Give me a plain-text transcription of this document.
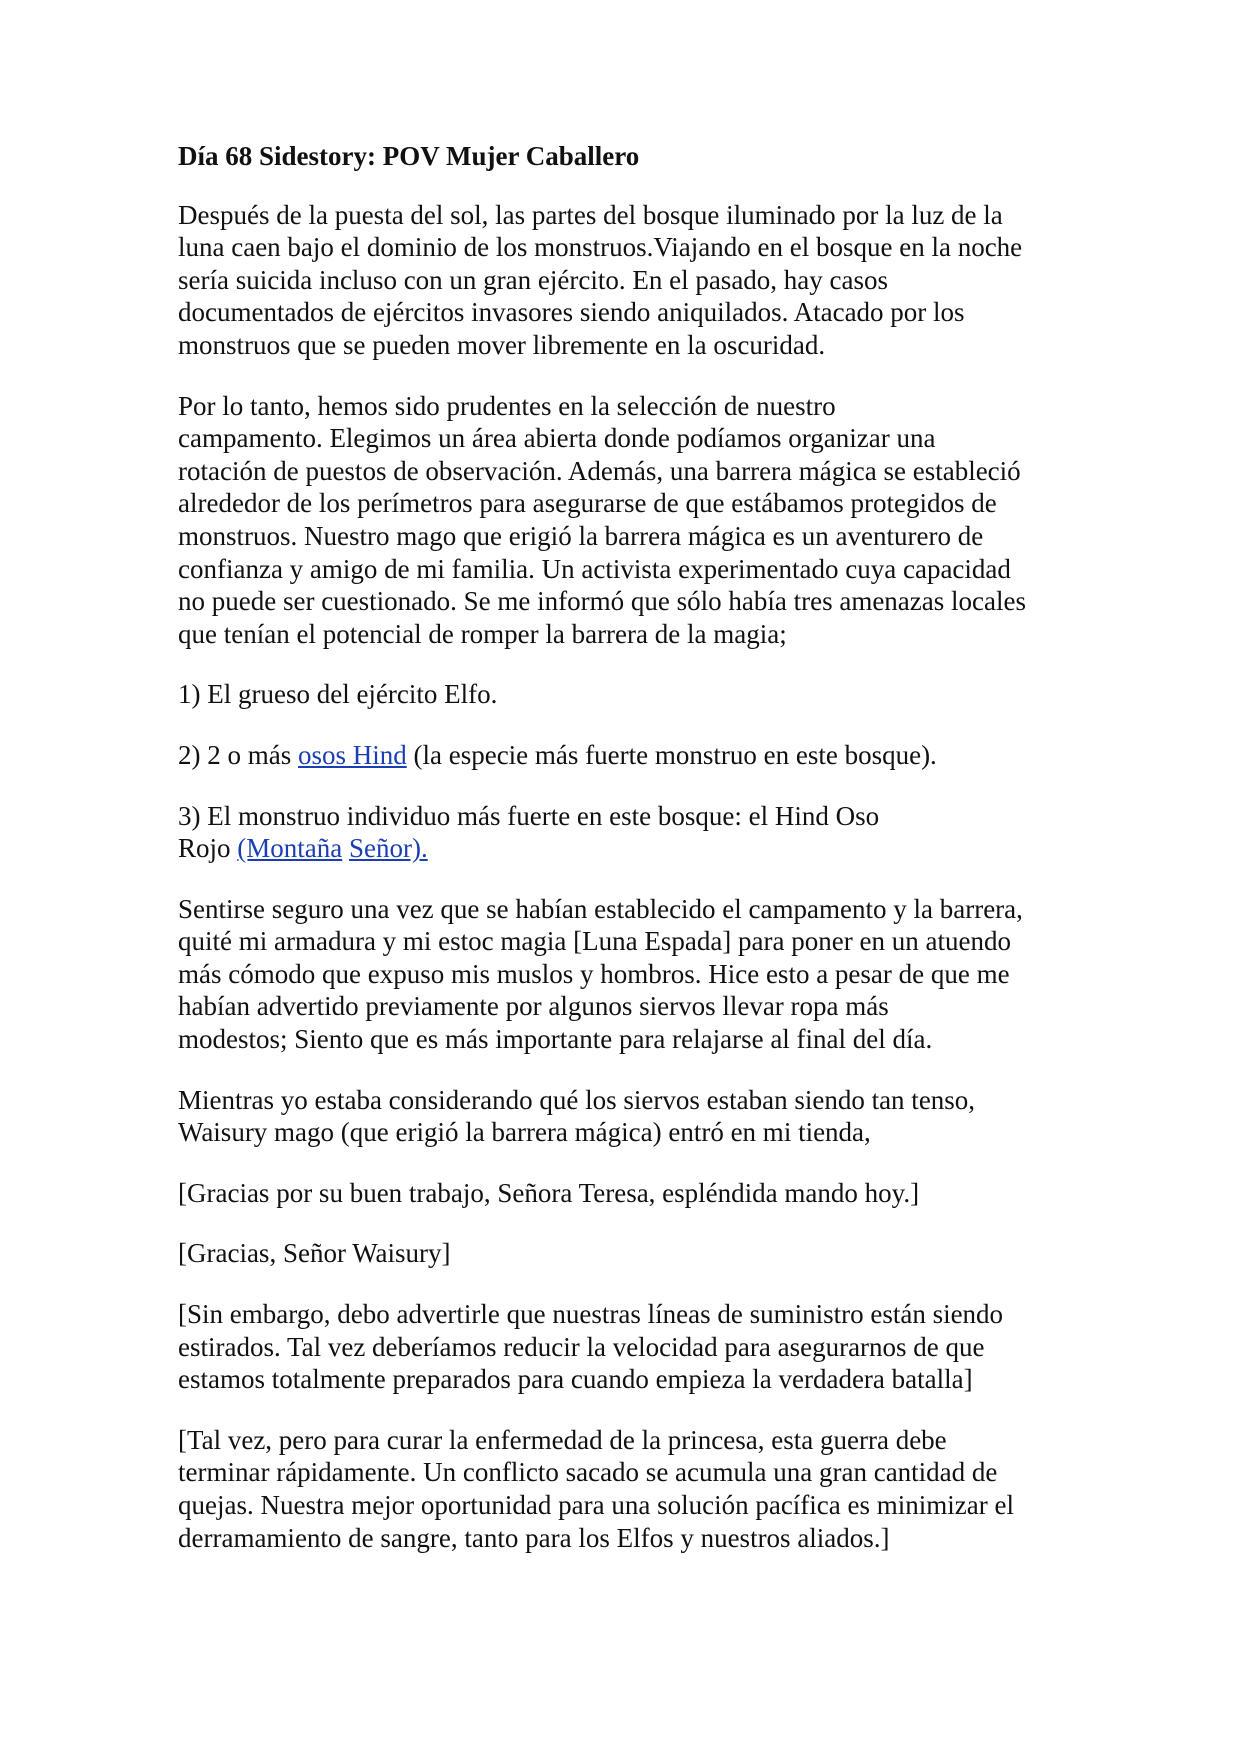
Día 68 Sidestory: POV Mujer Caballero

Después de la puesta del sol, las partes del bosque iluminado por la luz de la
luna caen bajo el dominio de los monstruos.Viajando en el bosque en la noche
sería suicida incluso con un gran ejército. En el pasado, hay casos
documentados de ejércitos invasores siendo aniquilados. Atacado por los
monstruos que se pueden mover libremente en la oscuridad.

Por lo tanto, hemos sido prudentes en la selección de nuestro
campamento. Elegimos un área abierta donde podíamos organizar una
rotación de puestos de observación. Además, una barrera mágica se estableció
alrededor de los perímetros para asegurarse de que estábamos protegidos de
monstruos. Nuestro mago que erigió la barrera mágica es un aventurero de
confianza y amigo de mi familia. Un activista experimentado cuya capacidad
no puede ser cuestionado. Se me informó que sólo había tres amenazas locales
que tenían el potencial de romper la barrera de la magia;

1) El grueso del ejército Elfo.

2) 2 o más osos Hind (la especie más fuerte monstruo en este bosque).

3) El monstruo individuo más fuerte en este bosque: el Hind Oso
Rojo (Montaña Señor).

Sentirse seguro una vez que se habían establecido el campamento y la barrera,
quité mi armadura y mi estoc magia [Luna Espada] para poner en un atuendo
más cómodo que expuso mis muslos y hombros. Hice esto a pesar de que me
habían advertido previamente por algunos siervos llevar ropa más
modestos; Siento que es más importante para relajarse al final del día.

Mientras yo estaba considerando qué los siervos estaban siendo tan tenso,
Waisury mago (que erigió la barrera mágica) entró en mi tienda,

[Gracias por su buen trabajo, Señora Teresa, espléndida mando hoy.]

[Gracias, Señor Waisury]

[Sin embargo, debo advertirle que nuestras líneas de suministro están siendo
estirados. Tal vez deberíamos reducir la velocidad para asegurarnos de que
estamos totalmente preparados para cuando empieza la verdadera batalla]

[Tal vez, pero para curar la enfermedad de la princesa, esta guerra debe
terminar rápidamente. Un conflicto sacado se acumula una gran cantidad de
quejas. Nuestra mejor oportunidad para una solución pacífica es minimizar el
derramamiento de sangre, tanto para los Elfos y nuestros aliados.]
